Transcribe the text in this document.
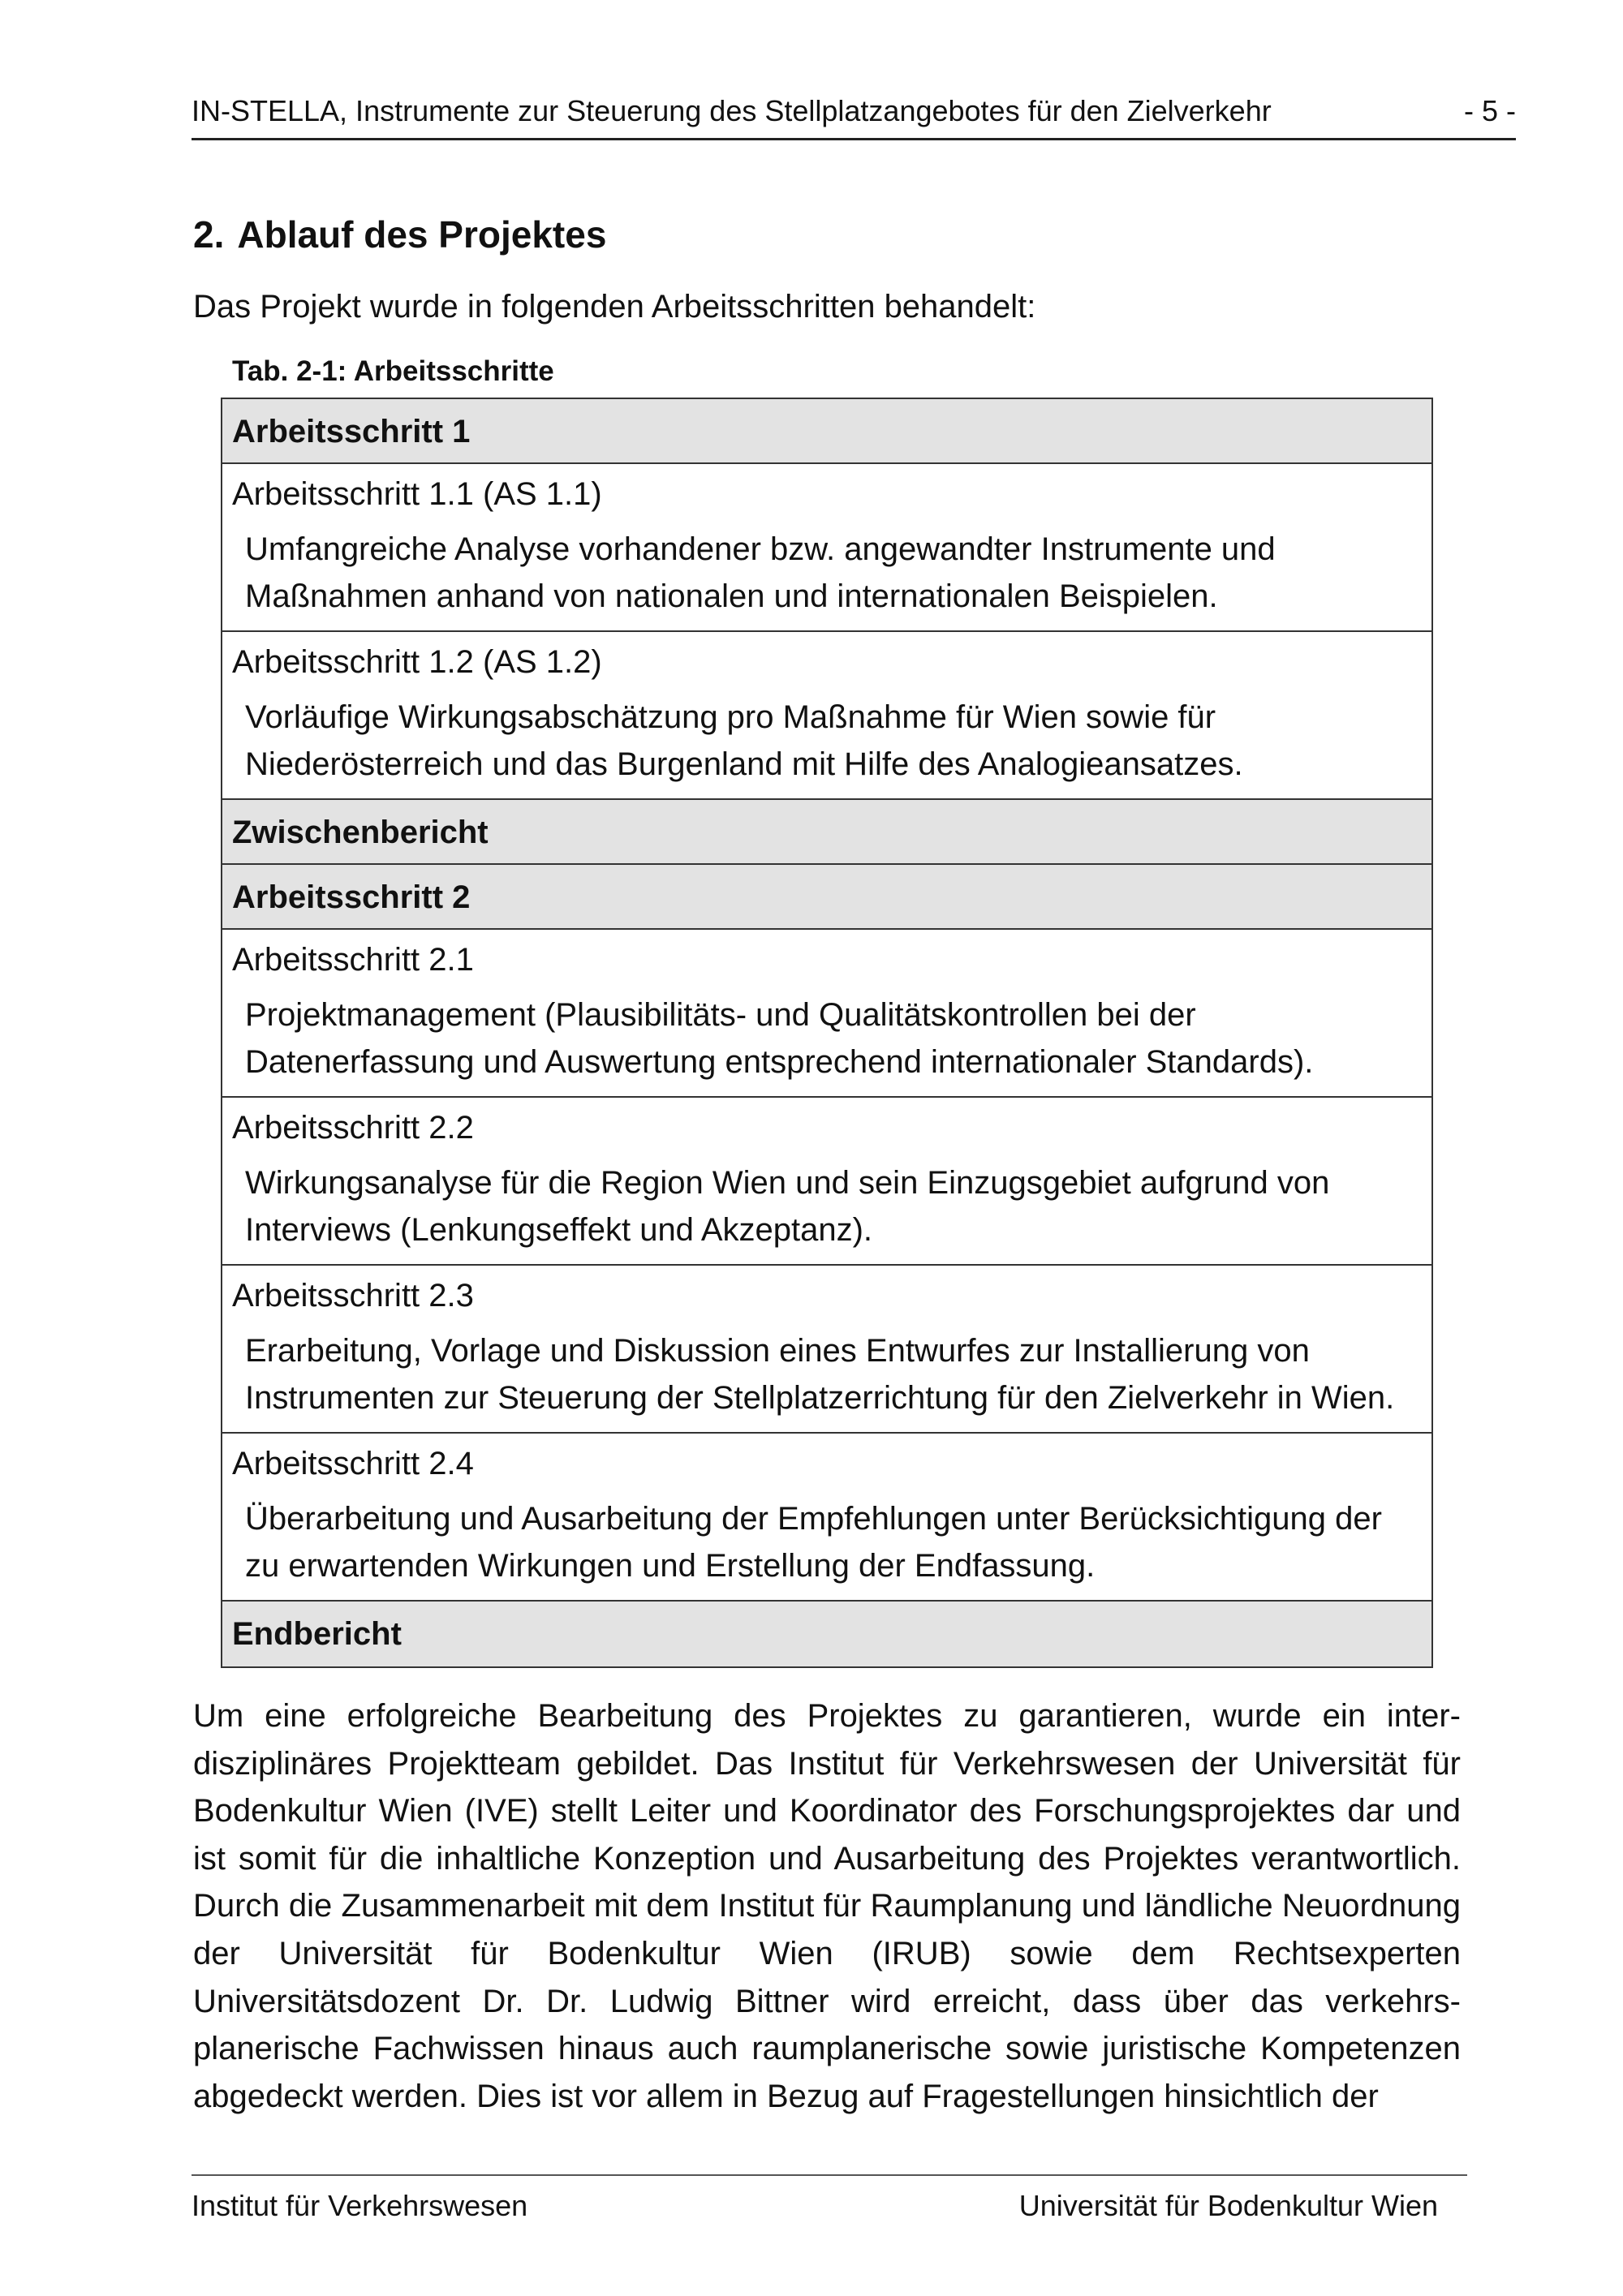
IN-STELLA, Instrumente zur Steuerung des Stellplatzangebotes für den Zielverkehr	- 5 -
2. Ablauf des Projektes

Das Projekt wurde in folgenden Arbeitsschritten behandelt:

Tab. 2-1: Arbeitsschritte

Arbeitsschritt 1
Arbeitsschritt 1.1 (AS 1.1)
Umfangreiche Analyse vorhandener bzw. angewandter Instrumente und Maßnahmen anhand von nationalen und internationalen Beispielen.
Arbeitsschritt 1.2 (AS 1.2)
Vorläufige Wirkungsabschätzung pro Maßnahme für Wien sowie für Niederösterreich und das Burgenland mit Hilfe des Analogieansatzes.
Zwischenbericht
Arbeitsschritt 2
Arbeitsschritt 2.1
Projektmanagement (Plausibilitäts- und Qualitätskontrollen bei der Datenerfassung und Auswertung entsprechend internationaler Standards).
Arbeitsschritt 2.2
Wirkungsanalyse für die Region Wien und sein Einzugsgebiet aufgrund von Interviews (Lenkungseffekt und Akzeptanz).
Arbeitsschritt 2.3
Erarbeitung, Vorlage und Diskussion eines Entwurfes zur Installierung von Instrumenten zur Steuerung der Stellplatzerrichtung für den Zielverkehr in Wien.
Arbeitsschritt 2.4
Überarbeitung und Ausarbeitung der Empfehlungen unter Berücksichtigung der zu erwartenden Wirkungen und Erstellung der Endfassung.
Endbericht

Um eine erfolgreiche Bearbeitung des Projektes zu garantieren, wurde ein inter-disziplinäres Projektteam gebildet. Das Institut für Verkehrswesen der Universität für Bodenkultur Wien (IVE) stellt Leiter und Koordinator des Forschungsprojektes dar und ist somit für die inhaltliche Konzeption und Ausarbeitung des Projektes verantwortlich. Durch die Zusammenarbeit mit dem Institut für Raumplanung und ländliche Neuordnung der Universität für Bodenkultur Wien (IRUB) sowie dem Rechtsexperten Universitätsdozent Dr. Dr. Ludwig Bittner wird erreicht, dass über das verkehrs-planerische Fachwissen hinaus auch raumplanerische sowie juristische Kompetenzen abgedeckt werden. Dies ist vor allem in Bezug auf Fragestellungen hinsichtlich der

Institut für Verkehrswesen	Universität für Bodenkultur Wien
